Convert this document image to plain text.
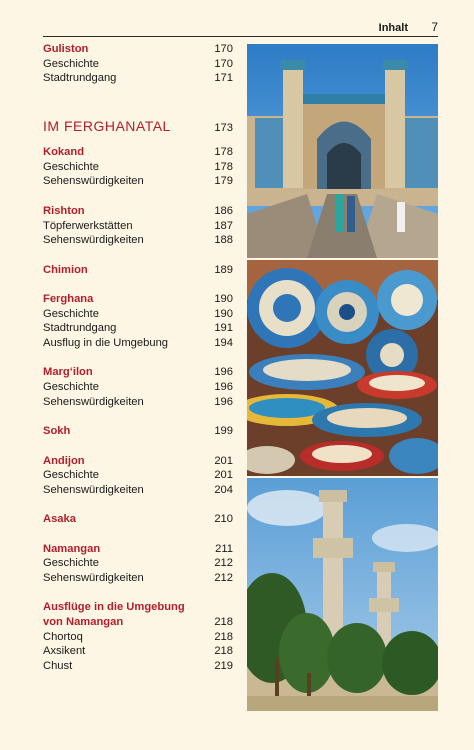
Inhalt 7
Guliston	170
Geschichte	170
Stadtrundgang	171
IM FERGHANATAL	173
Kokand	178
Geschichte	178
Sehenswürdigkeiten	179
Rishton	186
Töpferwerkstätten	187
Sehenswürdigkeiten	188
Chimion	189
Ferghana	190
Geschichte	190
Stadtrundgang	191
Ausflug in die Umgebung	194
Marg‘ilon	196
Geschichte	196
Sehenswürdigkeiten	196
Sokh	199
Andijon	201
Geschichte	201
Sehenswürdigkeiten	204
Asaka	210
Namangan	211
Geschichte	212
Sehenswürdigkeiten	212
Ausflüge in die Umgebung
von Namangan	218
Chortoq	218
Axsikent	218
Chust	219
